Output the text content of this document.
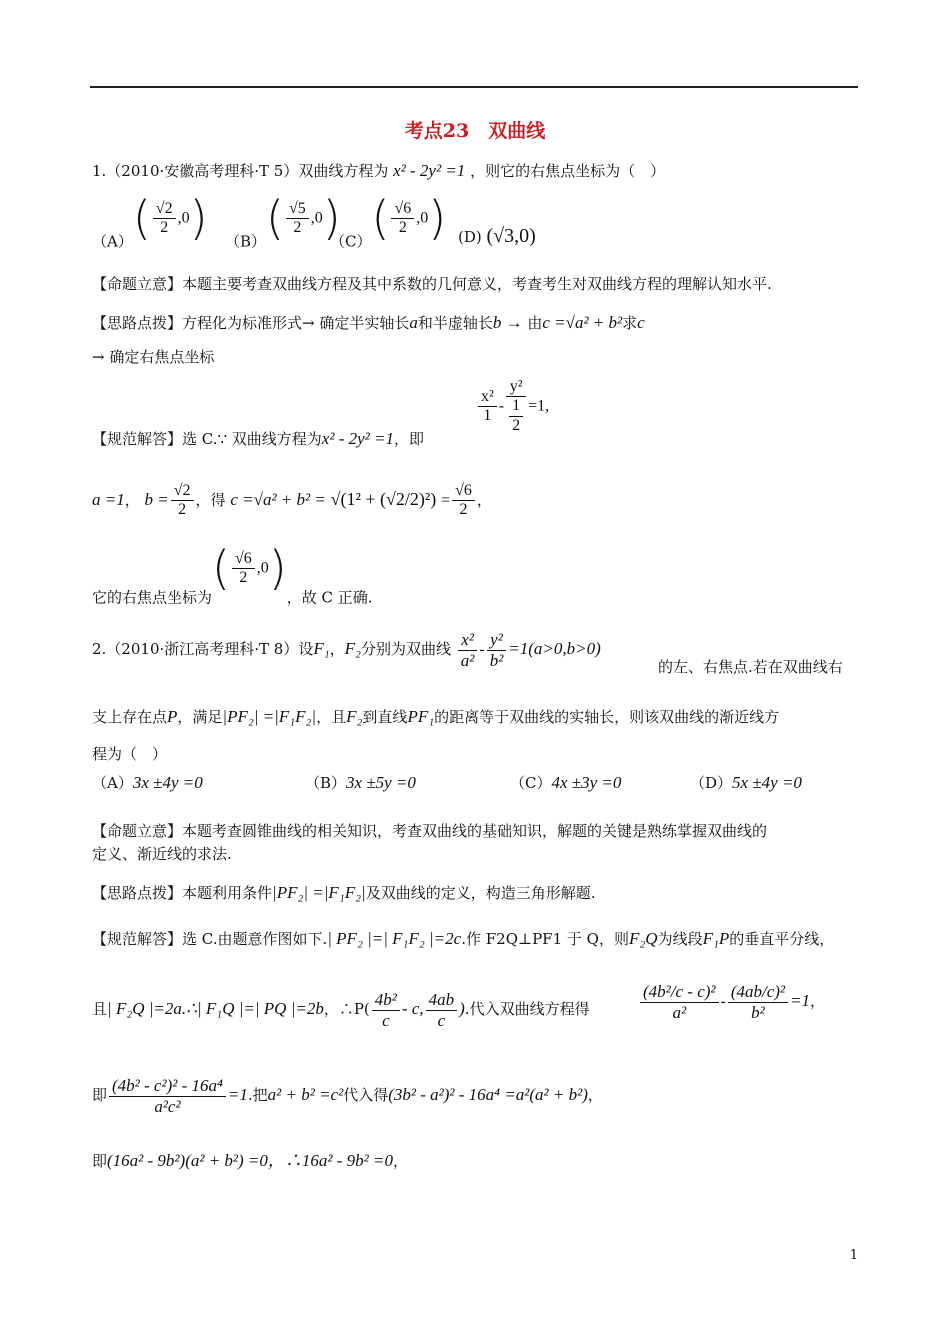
考点23　双曲线
1.（2010·安徽高考理科·T 5）双曲线方程为 x² - 2y² =1 ，则它的右焦点坐标为（　）
$(A)( \frac{√2}{2} ,0)$ $(B)( \frac{√5}{2} ,0)$
$(C)( \frac{√6}{2} ,0)$ (D) (√3,0)
【命题立意】本题主要考查双曲线方程及其中系数的几何意义，考查考生对双曲线方程的理解认知水平.
【思路点拨】方程化为标准形式→ 确定半实轴长a和半虚轴长b → 由c =√a² + b²求c
→ 确定右焦点坐标
$\frac{\text{x²}}{1} - \frac{\text{y²}}{\frac{1}{2}} =1$,
【规范解答】选 C.∵ 双曲线方程为x² - 2y² =1，即
a =1， $b = \frac{√2}{2}$ ，得 $c =√a^2 + b^2 = √(1^2 + (√2/2)^2) = \frac{√6}{2}$ ，
它的右焦点坐标为( $\frac{√6}{2} ,0$)，故 C 正确.
2.（2010·浙江高考理科·T 8）设F₁，F₂分别为双曲线 $\frac{\text{x²}}{\text{a²}} - \frac{\text{y²}}{\text{b²}} =1(a>0,b>0)$
的左、右焦点.若在双曲线右
支上存在点P，满足|PF₂| =|F₁F₂|，且F₂到直线PF₁的距离等于双曲线的实轴长，则该双曲线的渐近线方
程为（　）
（A）3x ±4y =0	（B）3x ±5y =0	（C）4x ±3y =0	（D）5x ±4y =0
【命题立意】本题考查圆锥曲线的相关知识，考查双曲线的基础知识，解题的关键是熟练掌握双曲线的
定义、渐近线的求法.
【思路点拨】本题利用条件|PF₂| =|F₁F₂|及双曲线的定义，构造三角形解题.
【规范解答】选 C.由题意作图如下.| PF₂ |=| F₁F₂ |=2c.作 F2Q⊥PF1 于 Q，则F₂Q为线段F₁P的垂直平分线，
且| F₂Q |=2a.∴| F₁Q |=| PQ |=2b，∴P( $\frac{\text{4b²}}{c}$ - c, $\frac{4ab}{c}$ ).代入双曲线方程得	$\frac{\text{(4b²/c - c)²}}{\text{a²}} - \frac{\text{(4ab/c)²}}{\text{b²}} =1$，
即 $\frac{\text{(4b² - c²)² - 16a⁴}}{\text{a²c²}} =1$.把a² + b² =c²代入得(3b² - a²)² - 16a⁴ =a²(a² + b²)，
即(16a² - 9b²)(a² + b²) =0，∴16a² - 9b² =0，
1
